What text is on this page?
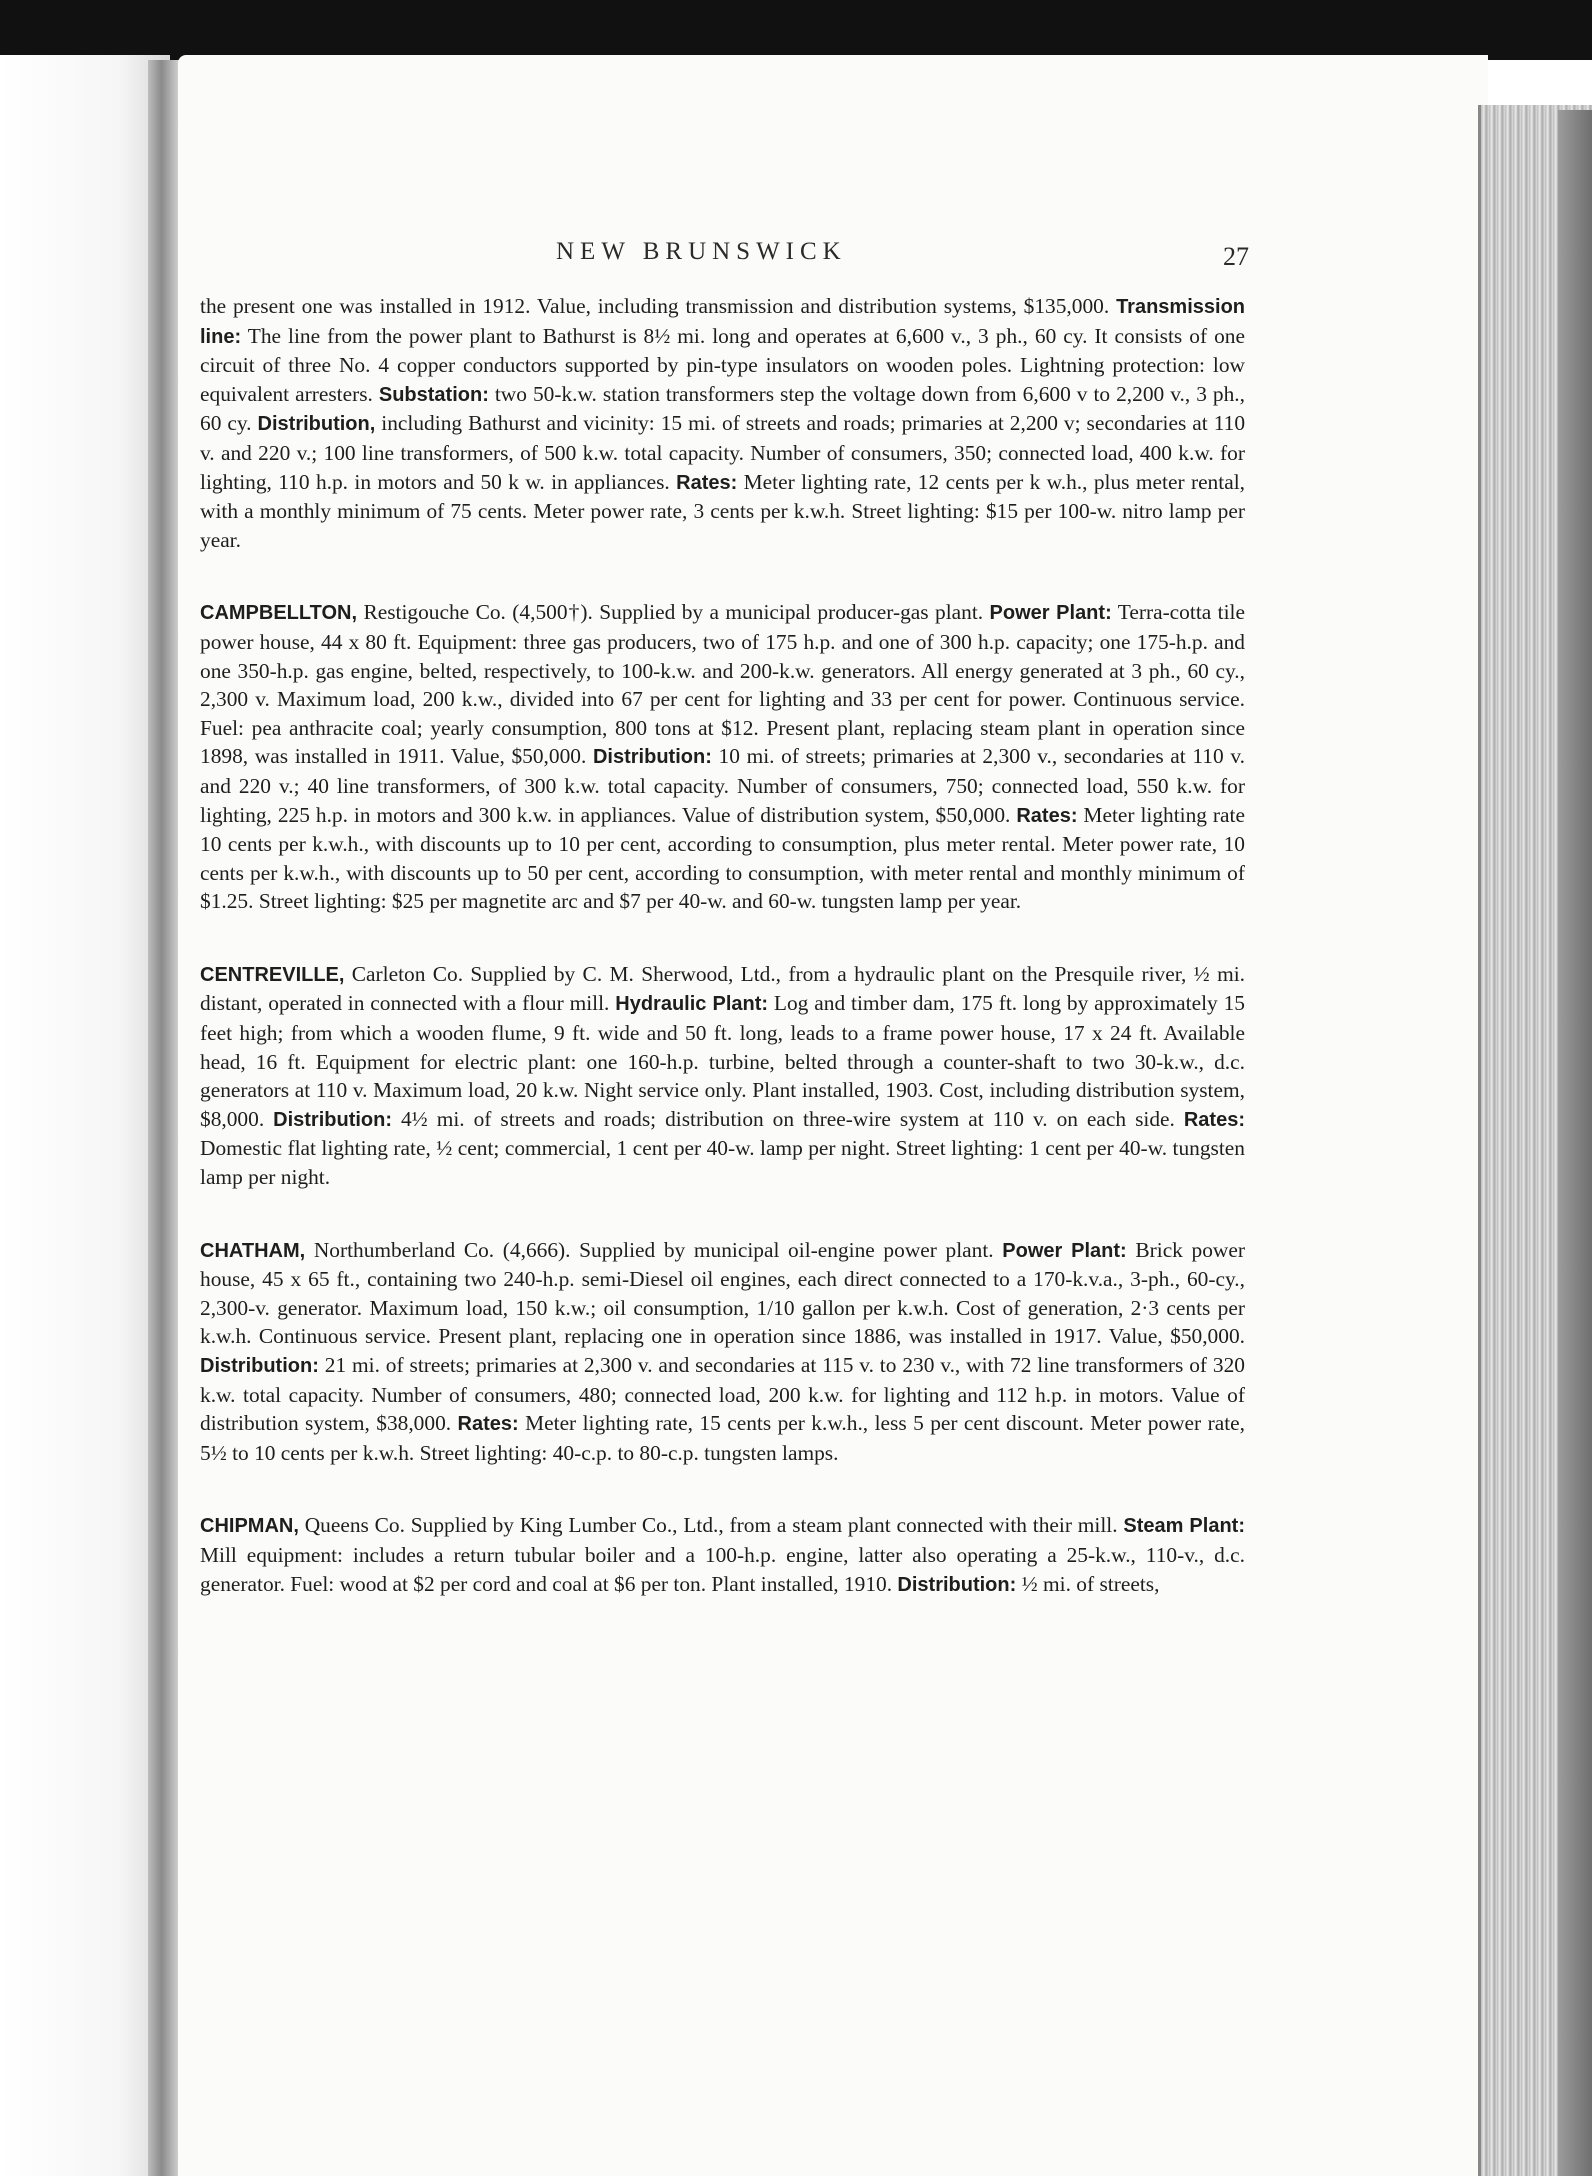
NEW BRUNSWICK	27

the present one was installed in 1912. Value, including transmission and distribution systems, $135,000. Transmission line: The line from the power plant to Bathurst is 8½ mi. long and operates at 6,600 v., 3 ph., 60 cy. It consists of one circuit of three No. 4 copper conductors supported by pin-type insulators on wooden poles. Lightning protection: low equivalent arresters. Substation: two 50-k.w. station transformers step the voltage down from 6,600 v to 2,200 v., 3 ph., 60 cy. Distribution, including Bathurst and vicinity: 15 mi. of streets and roads; primaries at 2,200 v; secondaries at 110 v. and 220 v.; 100 line transformers, of 500 k.w. total capacity. Number of consumers, 350; connected load, 400 k.w. for lighting, 110 h.p. in motors and 50 k w. in appliances. Rates: Meter lighting rate, 12 cents per k w.h., plus meter rental, with a monthly minimum of 75 cents. Meter power rate, 3 cents per k.w.h. Street lighting: $15 per 100-w. nitro lamp per year.

CAMPBELLTON, Restigouche Co. (4,500†). Supplied by a municipal producer-gas plant. Power Plant: Terra-cotta tile power house, 44 x 80 ft. Equipment: three gas producers, two of 175 h.p. and one of 300 h.p. capacity; one 175-h.p. and one 350-h.p. gas engine, belted, respectively, to 100-k.w. and 200-k.w. generators. All energy generated at 3 ph., 60 cy., 2,300 v. Maximum load, 200 k.w., divided into 67 per cent for lighting and 33 per cent for power. Continuous service. Fuel: pea anthracite coal; yearly consumption, 800 tons at $12. Present plant, replacing steam plant in operation since 1898, was installed in 1911. Value, $50,000. Distribution: 10 mi. of streets; primaries at 2,300 v., secondaries at 110 v. and 220 v.; 40 line transformers, of 300 k.w. total capacity. Number of consumers, 750; connected load, 550 k.w. for lighting, 225 h.p. in motors and 300 k.w. in appliances. Value of distribution system, $50,000. Rates: Meter lighting rate 10 cents per k.w.h., with discounts up to 10 per cent, according to consumption, plus meter rental. Meter power rate, 10 cents per k.w.h., with discounts up to 50 per cent, according to consumption, with meter rental and monthly minimum of $1.25. Street lighting: $25 per magnetite arc and $7 per 40-w. and 60-w. tungsten lamp per year.

CENTREVILLE, Carleton Co. Supplied by C. M. Sherwood, Ltd., from a hydraulic plant on the Presquile river, ½ mi. distant, operated in connected with a flour mill. Hydraulic Plant: Log and timber dam, 175 ft. long by approximately 15 feet high; from which a wooden flume, 9 ft. wide and 50 ft. long, leads to a frame power house, 17 x 24 ft. Available head, 16 ft. Equipment for electric plant: one 160-h.p. turbine, belted through a counter-shaft to two 30-k.w., d.c. generators at 110 v. Maximum load, 20 k.w. Night service only. Plant installed, 1903. Cost, including distribution system, $8,000. Distribution: 4½ mi. of streets and roads; distribution on three-wire system at 110 v. on each side. Rates: Domestic flat lighting rate, ½ cent; commercial, 1 cent per 40-w. lamp per night. Street lighting: 1 cent per 40-w. tungsten lamp per night.

CHATHAM, Northumberland Co. (4,666). Supplied by municipal oil-engine power plant. Power Plant: Brick power house, 45 x 65 ft., containing two 240-h.p. semi-Diesel oil engines, each direct connected to a 170-k.v.a., 3-ph., 60-cy., 2,300-v. generator. Maximum load, 150 k.w.; oil consumption, 1/10 gallon per k.w.h. Cost of generation, 2·3 cents per k.w.h. Continuous service. Present plant, replacing one in operation since 1886, was installed in 1917. Value, $50,000. Distribution: 21 mi. of streets; primaries at 2,300 v. and secondaries at 115 v. to 230 v., with 72 line transformers of 320 k.w. total capacity. Number of consumers, 480; connected load, 200 k.w. for lighting and 112 h.p. in motors. Value of distribution system, $38,000. Rates: Meter lighting rate, 15 cents per k.w.h., less 5 per cent discount. Meter power rate, 5½ to 10 cents per k.w.h. Street lighting: 40-c.p. to 80-c.p. tungsten lamps.

CHIPMAN, Queens Co. Supplied by King Lumber Co., Ltd., from a steam plant connected with their mill. Steam Plant: Mill equipment: includes a return tubular boiler and a 100-h.p. engine, latter also operating a 25-k.w., 110-v., d.c. generator. Fuel: wood at $2 per cord and coal at $6 per ton. Plant installed, 1910. Distribution: ½ mi. of streets,
